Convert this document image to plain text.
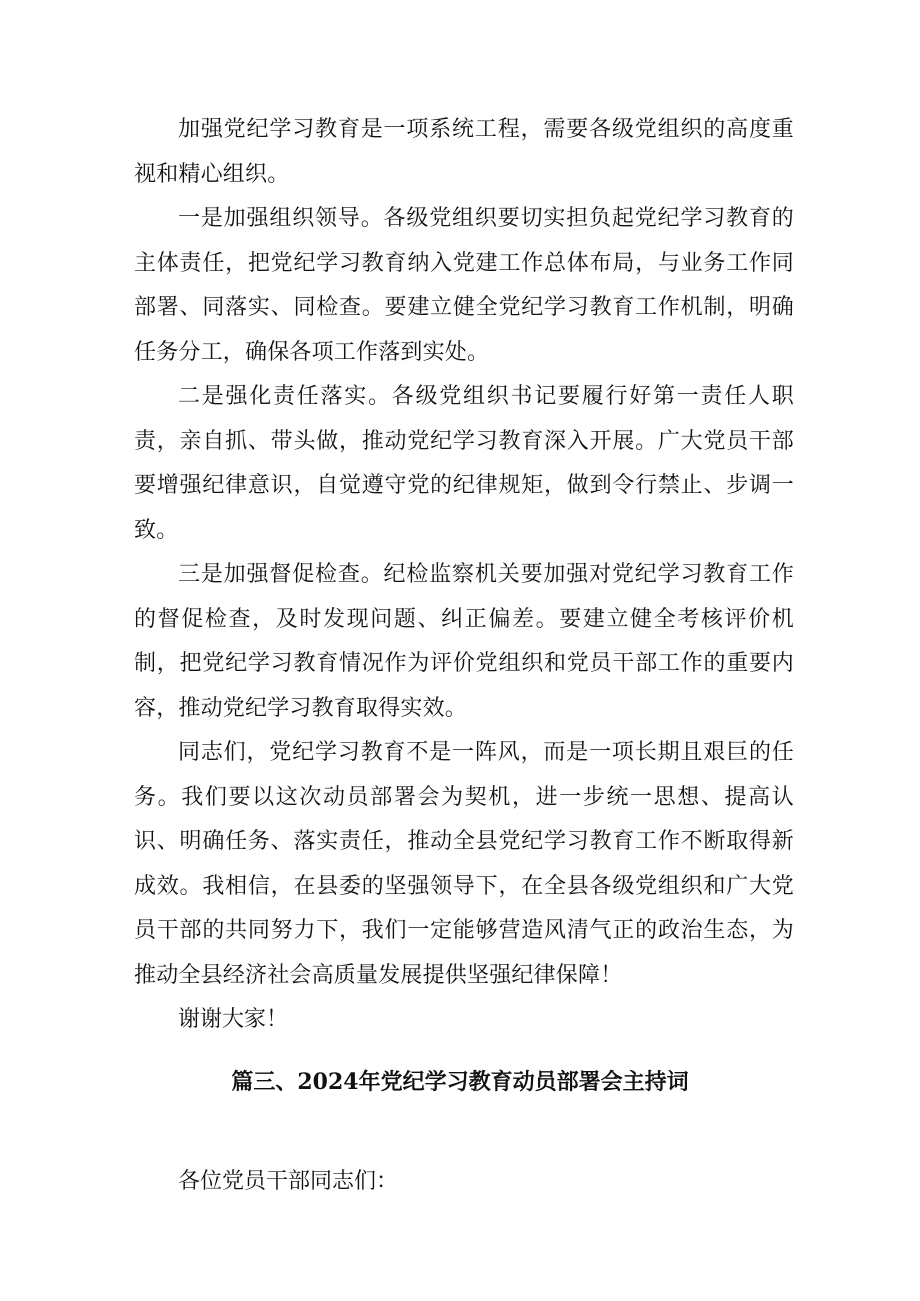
加强党纪学习教育是一项系统工程，需要各级党组织的高度重视和精心组织。

一是加强组织领导。各级党组织要切实担负起党纪学习教育的主体责任，把党纪学习教育纳入党建工作总体布局，与业务工作同部署、同落实、同检查。要建立健全党纪学习教育工作机制，明确任务分工，确保各项工作落到实处。

二是强化责任落实。各级党组织书记要履行好第一责任人职责，亲自抓、带头做，推动党纪学习教育深入开展。广大党员干部要增强纪律意识，自觉遵守党的纪律规矩，做到令行禁止、步调一致。

三是加强督促检查。纪检监察机关要加强对党纪学习教育工作的督促检查，及时发现问题、纠正偏差。要建立健全考核评价机制，把党纪学习教育情况作为评价党组织和党员干部工作的重要内容，推动党纪学习教育取得实效。

同志们，党纪学习教育不是一阵风，而是一项长期且艰巨的任务。我们要以这次动员部署会为契机，进一步统一思想、提高认识、明确任务、落实责任，推动全县党纪学习教育工作不断取得新成效。我相信，在县委的坚强领导下，在全县各级党组织和广大党员干部的共同努力下，我们一定能够营造风清气正的政治生态，为推动全县经济社会高质量发展提供坚强纪律保障！

谢谢大家！

篇三、2024年党纪学习教育动员部署会主持词

各位党员干部同志们：
